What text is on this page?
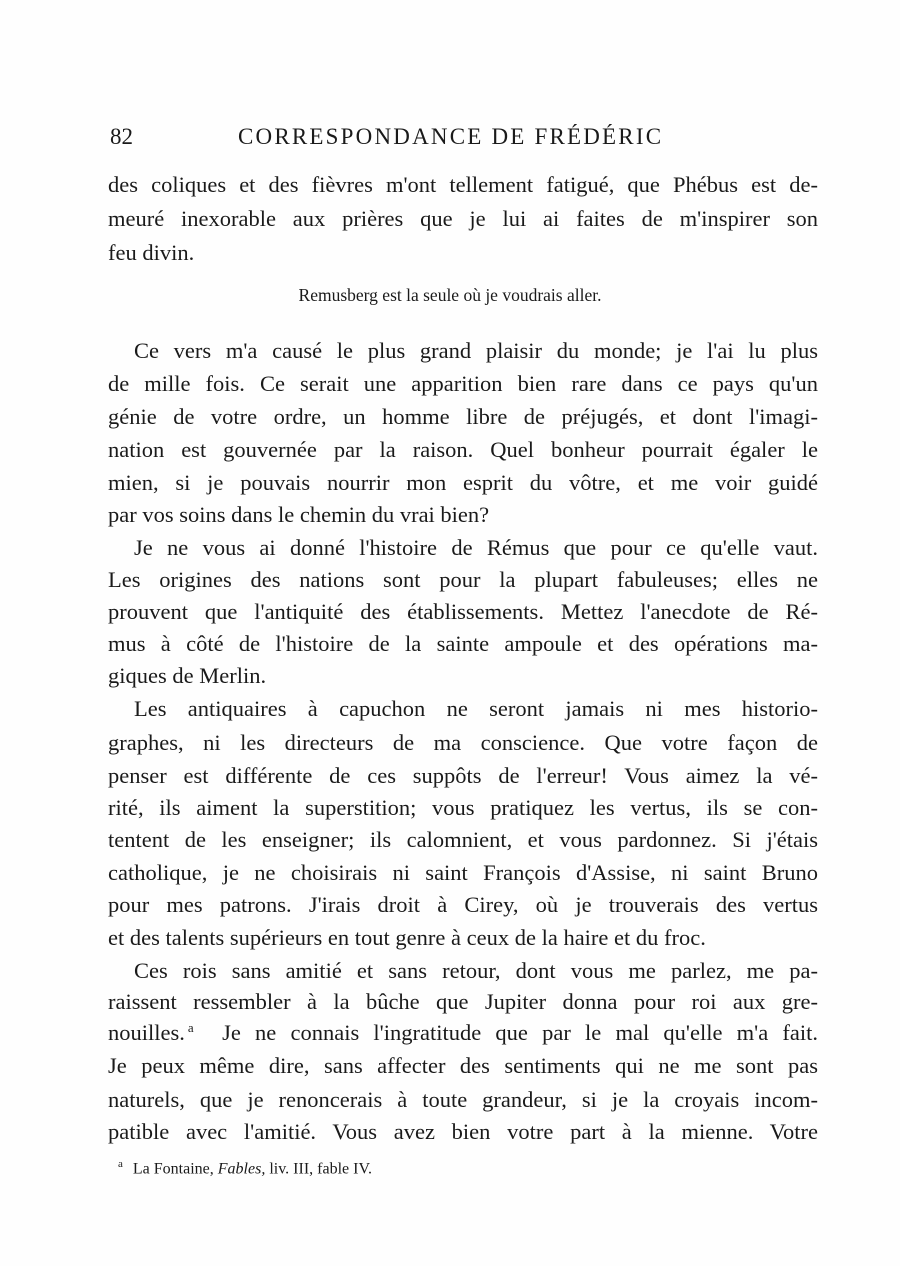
82	CORRESPONDANCE DE FRÉDÉRIC
des coliques et des fièvres m'ont tellement fatigué, que Phébus est de-
meuré inexorable aux prières que je lui ai faites de m'inspirer son
feu divin.
Remusberg est la seule où je voudrais aller.
Ce vers m'a causé le plus grand plaisir du monde; je l'ai lu plus
de mille fois. Ce serait une apparition bien rare dans ce pays qu'un
génie de votre ordre, un homme libre de préjugés, et dont l'imagi-
nation est gouvernée par la raison. Quel bonheur pourrait égaler le
mien, si je pouvais nourrir mon esprit du vôtre, et me voir guidé
par vos soins dans le chemin du vrai bien?
Je ne vous ai donné l'histoire de Rémus que pour ce qu'elle vaut.
Les origines des nations sont pour la plupart fabuleuses; elles ne
prouvent que l'antiquité des établissements. Mettez l'anecdote de Ré-
mus à côté de l'histoire de la sainte ampoule et des opérations ma-
giques de Merlin.
Les antiquaires à capuchon ne seront jamais ni mes historio-
graphes, ni les directeurs de ma conscience. Que votre façon de
penser est différente de ces suppôts de l'erreur! Vous aimez la vé-
rité, ils aiment la superstition; vous pratiquez les vertus, ils se con-
tentent de les enseigner; ils calomnient, et vous pardonnez. Si j'étais
catholique, je ne choisirais ni saint François d'Assise, ni saint Bruno
pour mes patrons. J'irais droit à Cirey, où je trouverais des vertus
et des talents supérieurs en tout genre à ceux de la haire et du froc.
Ces rois sans amitié et sans retour, dont vous me parlez, me pa-
raissent ressembler à la bûche que Jupiter donna pour roi aux gre-
nouilles. $^a$ Je ne connais l'ingratitude que par le mal qu'elle m'a fait.
Je peux même dire, sans affecter des sentiments qui ne me sont pas
naturels, que je renoncerais à toute grandeur, si je la croyais incom-
patible avec l'amitié. Vous avez bien votre part à la mienne. Votre
$^a$ La Fontaine, Fables, liv. III, fable IV.
